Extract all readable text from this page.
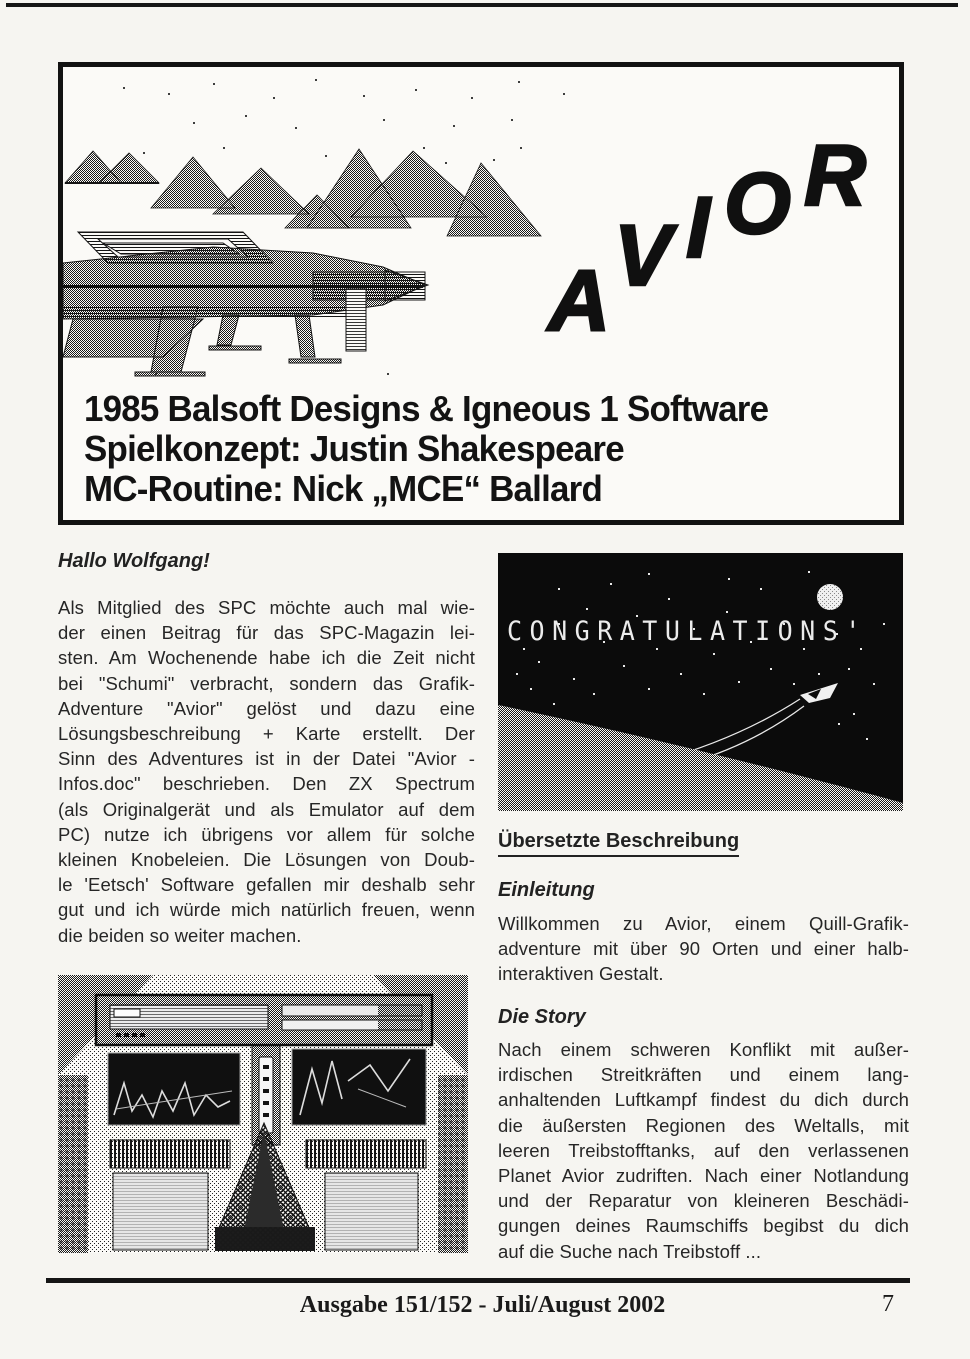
A V I O R
1985 Balsoft Designs & Igneous 1 Software
Spielkonzept: Justin Shakespeare
MC-Routine: Nick „MCE“ Ballard
Hallo Wolfgang!
Als Mitglied des SPC möchte auch mal wie-
der einen Beitrag für das SPC-Magazin lei-
sten. Am Wochenende habe ich die Zeit nicht
bei "Schumi" verbracht, sondern das Grafik-
Adventure "Avior" gelöst und dazu eine
Lösungsbeschreibung + Karte erstellt. Der
Sinn des Adventures ist in der Datei "Avior -
Infos.doc" beschrieben. Den ZX Spectrum
(als Originalgerät und als Emulator auf dem
PC) nutze ich übrigens vor allem für solche
kleinen Knobeleien. Die Lösungen von Doub-
le 'Eetsch' Software gefallen mir deshalb sehr
gut und ich würde mich natürlich freuen, wenn
die beiden so weiter machen.
CONGRATULATIONS'
Übersetzte Beschreibung
Einleitung
Willkommen zu Avior, einem Quill-Grafik-
adventure mit über 90 Orten und einer halb-
interaktiven Gestalt.
Die Story
Nach einem schweren Konflikt mit außer-
irdischen Streitkräften und einem lang-
anhaltenden Luftkampf findest du dich durch
die äußersten Regionen des Weltalls, mit
leeren Treibstofftanks, auf den verlassenen
Planet Avior zudriften. Nach einer Notlandung
und der Reparatur von kleineren Beschädi-
gungen deines Raumschiffs begibst du dich
auf die Suche nach Treibstoff ...
Ausgabe 151/152 - Juli/August 2002	7
